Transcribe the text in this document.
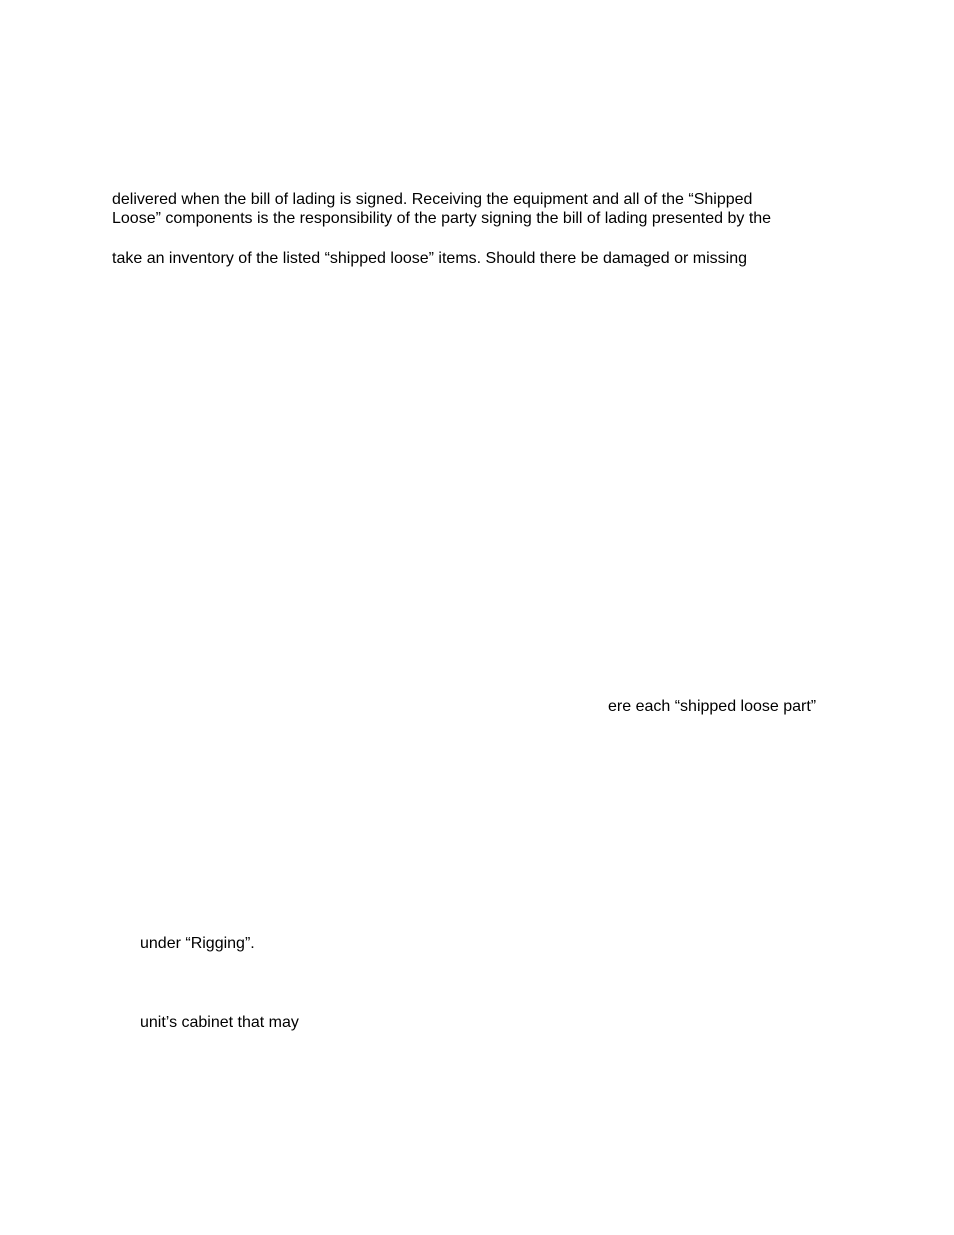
delivered when the bill of lading is signed. Receiving the equipment and all of the “Shipped
Loose” components is the responsibility of the party signing the bill of lading presented by the
take an inventory of the listed “shipped loose” items. Should there be damaged or missing
ere each “shipped loose part”
under “Rigging”.
unit’s cabinet that may
